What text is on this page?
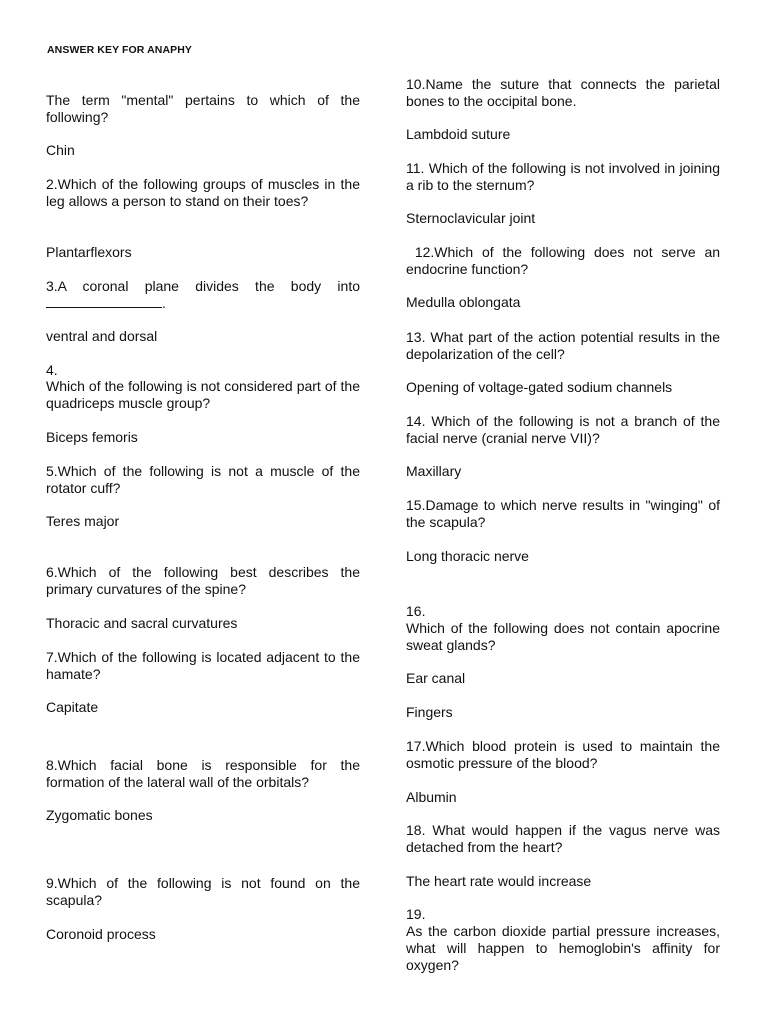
ANSWER KEY FOR ANAPHY
The term "mental" pertains to which of the following?
Chin
2.Which of the following groups of muscles in the leg allows a person to stand on their toes?
Plantarflexors
3.A coronal plane divides the body into .
ventral and dorsal
4.
Which of the following is not considered part of the quadriceps muscle group?
Biceps femoris
5.Which of the following is not a muscle of the rotator cuff?
Teres major
6.Which of the following best describes the primary curvatures of the spine?
Thoracic and sacral curvatures
7.Which of the following is located adjacent to the hamate?
Capitate
8.Which facial bone is responsible for the formation of the lateral wall of the orbitals?
Zygomatic bones
9.Which of the following is not found on the scapula?
Coronoid process
10.Name the suture that connects the parietal bones to the occipital bone.
Lambdoid suture
11. Which of the following is not involved in joining a rib to the sternum?
Sternoclavicular joint
12.Which of the following does not serve an endocrine function?
Medulla oblongata
13. What part of the action potential results in the depolarization of the cell?
Opening of voltage-gated sodium channels
14. Which of the following is not a branch of the facial nerve (cranial nerve VII)?
Maxillary
15.Damage to which nerve results in "winging" of the scapula?
Long thoracic nerve
16.
Which of the following does not contain apocrine sweat glands?
Ear canal
Fingers
17.Which blood protein is used to maintain the osmotic pressure of the blood?
Albumin
18. What would happen if the vagus nerve was detached from the heart?
The heart rate would increase
19.
As the carbon dioxide partial pressure increases, what will happen to hemoglobin's affinity for oxygen?
